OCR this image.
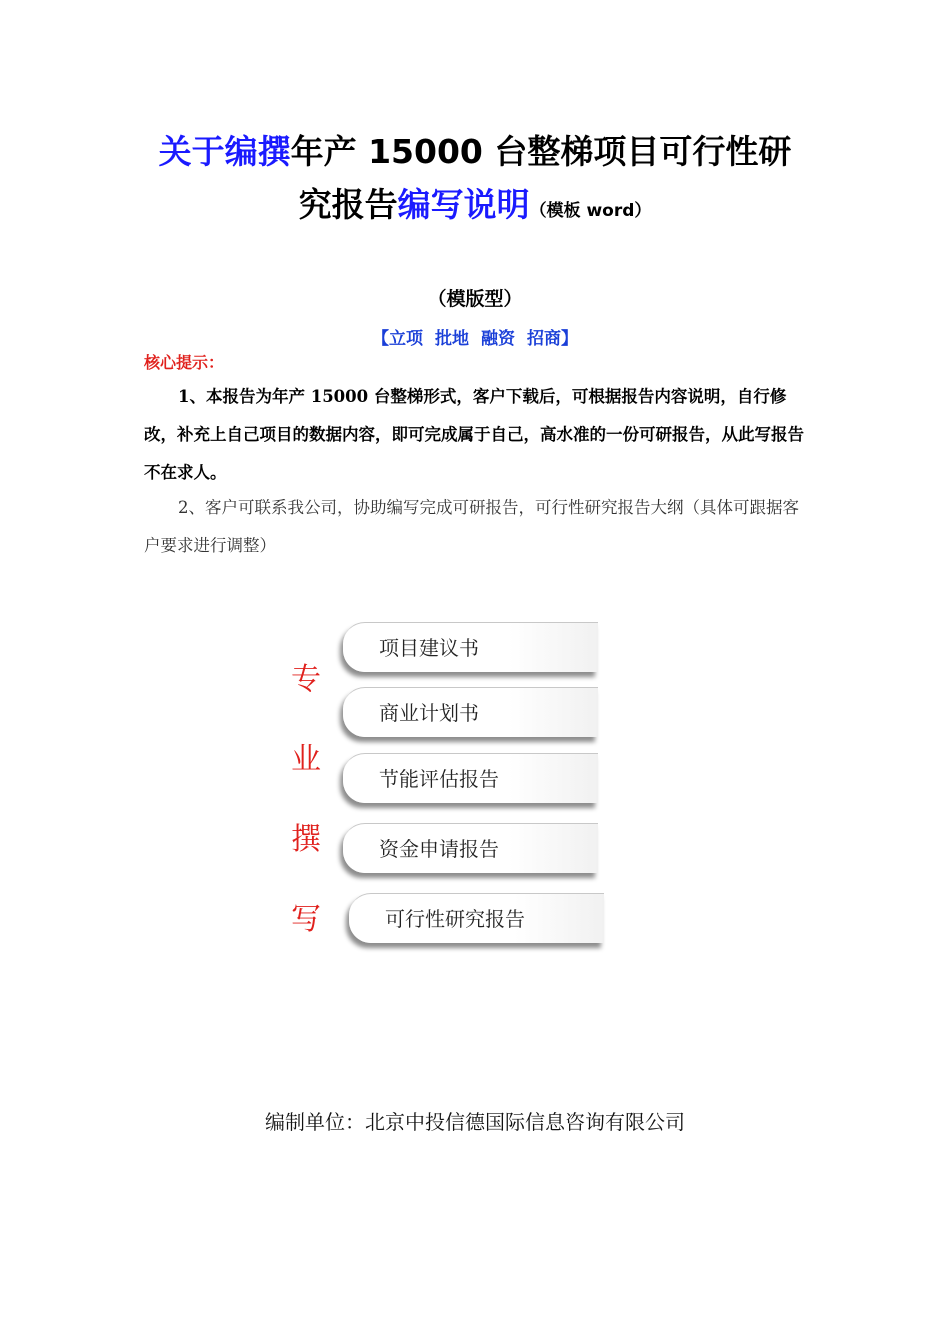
关于编撰年产 15000 台整梯项目可行性研
究报告编写说明（模板 word）
（模版型）
【立项 批地 融资 招商】
核心提示：
1、本报告为年产 15000 台整梯形式，客户下载后，可根据报告内容说明，自行修改，补充上自己项目的数据内容，即可完成属于自己，高水准的一份可研报告，从此写报告不在求人。
2、客户可联系我公司，协助编写完成可研报告，可行性研究报告大纲（具体可跟据客户要求进行调整）
专
业
撰
写
项目建议书
商业计划书
节能评估报告
资金申请报告
可行性研究报告
编制单位：北京中投信德国际信息咨询有限公司
